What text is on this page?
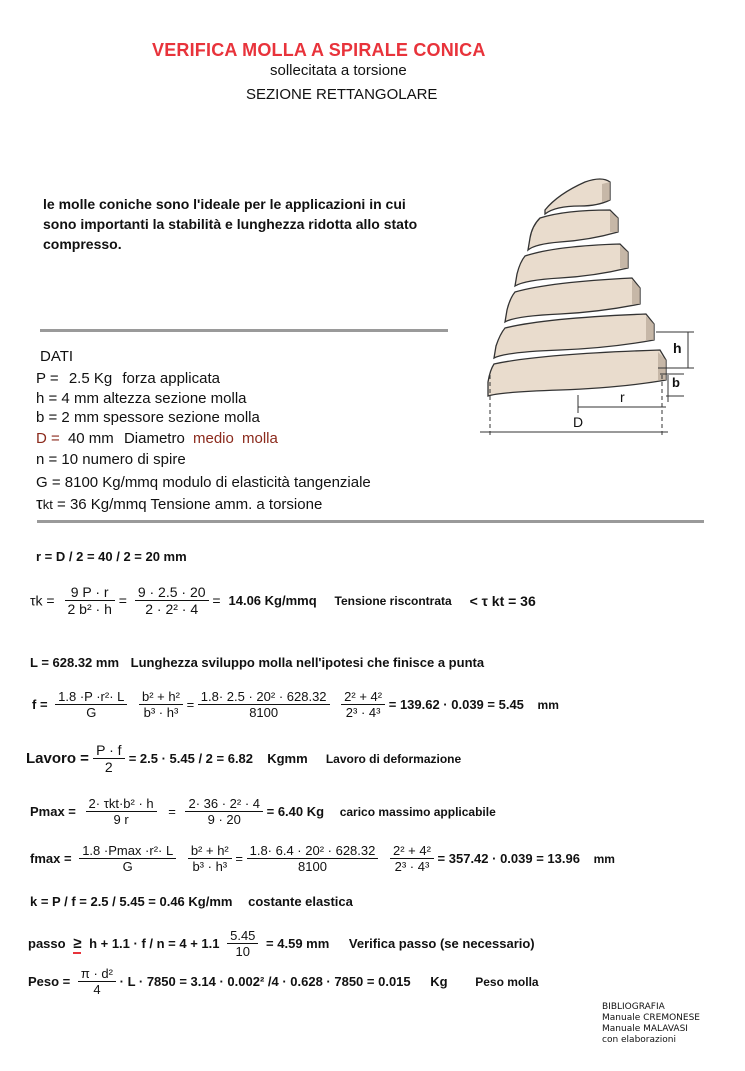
VERIFICA MOLLA A SPIRALE CONICA
sollecitata a torsione
SEZIONE RETTANGOLARE
le molle coniche sono l'ideale per le applicazioni in cui sono importanti la stabilità e lunghezza ridotta allo stato compresso.
h
b
r
D
DATI
P = 2.5 Kg forza applicata
h = 4 mm altezza sezione molla
b = 2 mm spessore sezione molla
D = 40 mm Diametro medio molla
n = 10 numero di spire
G = 8100 Kg/mmq modulo di elasticità tangenziale
τkt = 36 Kg/mmq Tensione amm. a torsione
r = D / 2 = 40 / 2 = 20 mm
$\tau k = \frac{9 P \cdot r}{\text{2 b² · h}} = \frac{9 \cdot 2.5 \cdot 20}{\text{2 · 2² · 4}} = 14.06$ Kg/mmq Tensione riscontrata < τ kt = 36
L = 628.32 mm Lunghezza sviluppo molla nell'ipotesi che finisce a punta
$f = \frac{\text{1.8 ·P ·r²· L}}{G}$
$\frac{\text{b² + h²}}{\text{b³ · h³}} = \frac{\text{1.8· 2.5 · 20² · 628.32}}{8100}$
$\frac{\text{2² + 4²}}{\text{2³ · 4³}} = 139.62 \cdot 0.039 = 5.45$ mm
Lavoro = $\frac{P \cdot f}{2} = 2.5 \cdot 5.45 / 2 = 6.82$ Kgmm Lavoro di deformazione
$Pmax = \frac{\text{2· τkt·b² · h}}{9 r} = \frac{\text{2· 36 · 2² · 4}}{9 \cdot 20} = 6.40$ Kg carico massimo applicabile
$fmax = \frac{\text{1.8 ·Pmax ·r²· L}}{G}$
$\frac{\text{b² + h²}}{\text{b³ · h³}} = \frac{\text{1.8· 6.4 · 20² · 628.32}}{8100}$
$\frac{\text{2² + 4²}}{\text{2³ · 4³}} = 357.42 \cdot 0.039 = 13.96$ mm
k = P / f = 2.5 / 5.45 = 0.46 Kg/mm costante elastica
passo ≥ $h + 1.1 \cdot f / n = 4 + 1.1 \frac{5.45}{10} = 4.59$ mm Verifica passo (se necessario)
Peso = $\frac{\text{π · d²}}{4} \cdot L \cdot 7850 = 3.14 \cdot 0.002^2$ /4 · 0.628 · 7850 = 0.015 Kg Peso molla
BIBLIOGRAFIA
Manuale CREMONESE
Manuale MALAVASI
con elaborazioni
